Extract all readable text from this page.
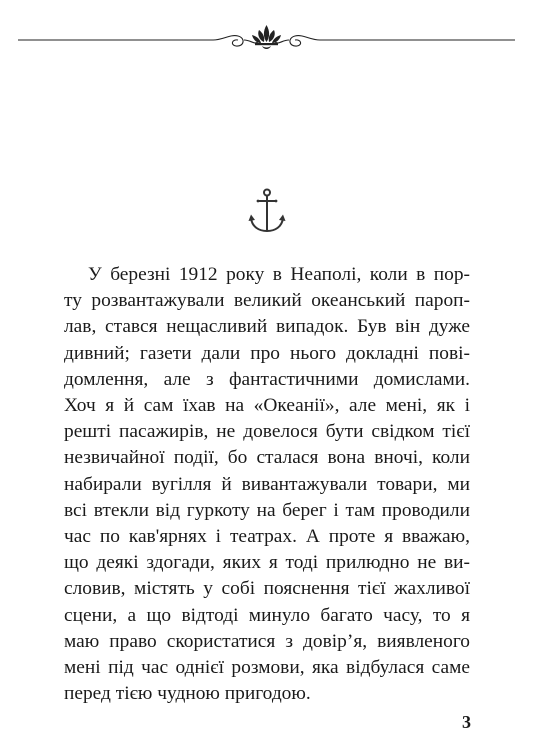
У березні 1912 року в Неаполі, коли в пор-
ту розвантажували великий океанський пароп-
лав, стався нещасливий випадок. Був він дуже
дивний; газети дали про нього докладні пові-
домлення, але з фантастичними домислами.
Хоч я й сам їхав на «Океанії», але мені, як і
решті пасажирів, не довелося бути свідком тієї
незвичайної події, бо сталася вона вночі, коли
набирали вугілля й вивантажували товари, ми
всі втекли від гуркоту на берег і там проводили
час по кав'ярнях і театрах. А проте я вважаю,
що деякі здогади, яких я тоді прилюдно не ви-
словив, містять у собі пояснення тієї жахливої
сцени, а що відтоді минуло багато часу, то я
маю право скористатися з довір’я, виявленого
мені під час однієї розмови, яка відбулася саме
перед тією чудною пригодою.
3
